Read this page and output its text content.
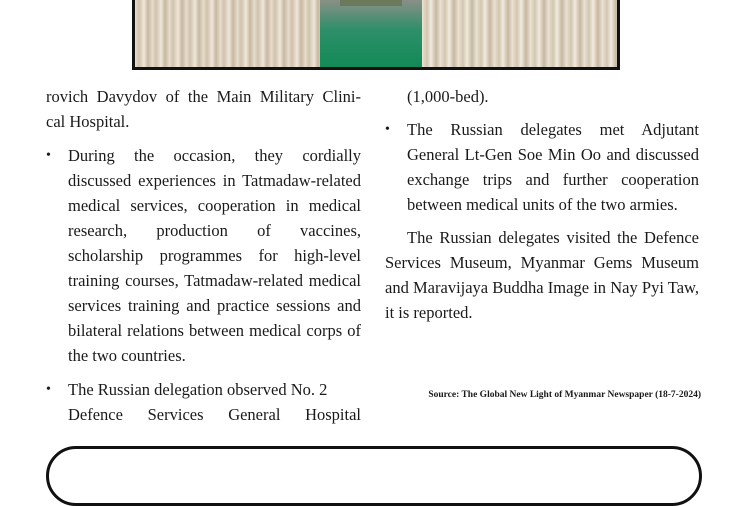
rovich Davydov of the Main Military Clini-

cal Hospital.

• During the occasion, they cordially discussed experiences in Tatmadaw-related medical services, cooperation in medical research, production of vaccines, scholarship programmes for high-level training courses, Tatmadaw-related medical services training and practice sessions and bilateral relations between medical corps of the two countries.

• The Russian delegation observed No. 2

Defence Services General Hospital

(1,000-bed).

• The Russian delegates met Adjutant General Lt-Gen Soe Min Oo and discussed exchange trips and further cooperation between medical units of the two armies.

The Russian delegates visited the Defence Services Museum, Myanmar Gems Museum and Maravijaya Buddha Image in Nay Pyi Taw, it is reported.

Source: The Global New Light of Myanmar Newspaper (18-7-2024)
